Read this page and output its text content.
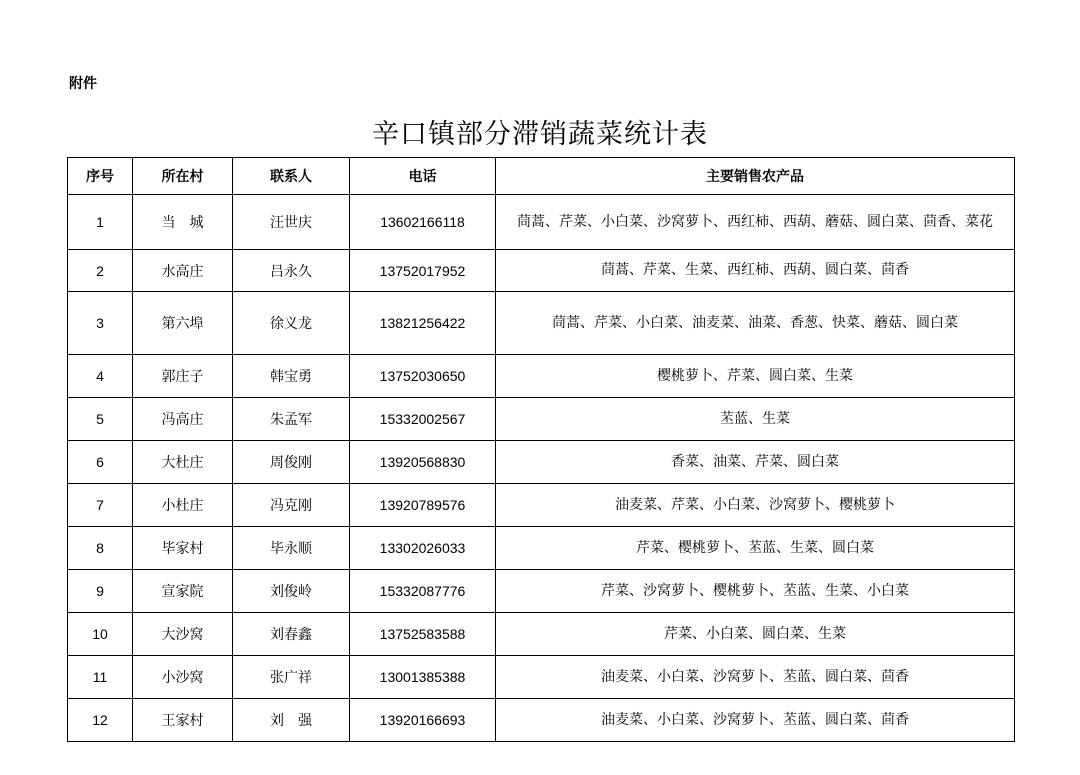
附件
辛口镇部分滞销蔬菜统计表
序号	所在村	联系人	电话	主要销售农产品
1	当　城	汪世庆	13602166118	茼蒿、芹菜、小白菜、沙窝萝卜、西红柿、西葫、蘑菇、圆白菜、茴香、菜花
2	水高庄	吕永久	13752017952	茼蒿、芹菜、生菜、西红柿、西葫、圆白菜、茴香
3	第六埠	徐义龙	13821256422	茼蒿、芹菜、小白菜、油麦菜、油菜、香葱、快菜、蘑菇、圆白菜
4	郭庄子	韩宝勇	13752030650	樱桃萝卜、芹菜、圆白菜、生菜
5	冯高庄	朱孟军	15332002567	苤蓝、生菜
6	大杜庄	周俊刚	13920568830	香菜、油菜、芹菜、圆白菜
7	小杜庄	冯克刚	13920789576	油麦菜、芹菜、小白菜、沙窝萝卜、樱桃萝卜
8	毕家村	毕永顺	13302026033	芹菜、樱桃萝卜、苤蓝、生菜、圆白菜
9	宣家院	刘俊岭	15332087776	芹菜、沙窝萝卜、樱桃萝卜、苤蓝、生菜、小白菜
10	大沙窝	刘春鑫	13752583588	芹菜、小白菜、圆白菜、生菜
11	小沙窝	张广祥	13001385388	油麦菜、小白菜、沙窝萝卜、苤蓝、圆白菜、茴香
12	王家村	刘　强	13920166693	油麦菜、小白菜、沙窝萝卜、苤蓝、圆白菜、茴香
